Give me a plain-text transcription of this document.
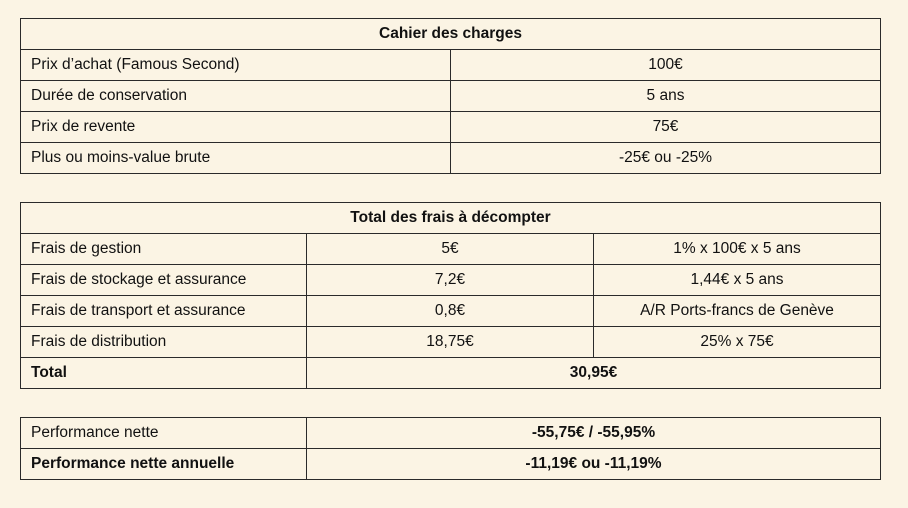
Cahier des charges	
Prix d’achat (Famous Second)	100€
Durée de conservation	5 ans
Prix de revente	75€
Plus ou moins-value brute	-25€ ou -25%
Total des frais à décompter		
Frais de gestion	5€	1% x 100€ x 5 ans
Frais de stockage et assurance	7,2€	1,44€ x 5 ans
Frais de transport et assurance	0,8€	A/R Ports-francs de Genève
Frais de distribution	18,75€	25% x 75€
Total	30,95€	
Performance nette	-55,75€ / -55,95%
Performance nette annuelle	-11,19€ ou -11,19%
